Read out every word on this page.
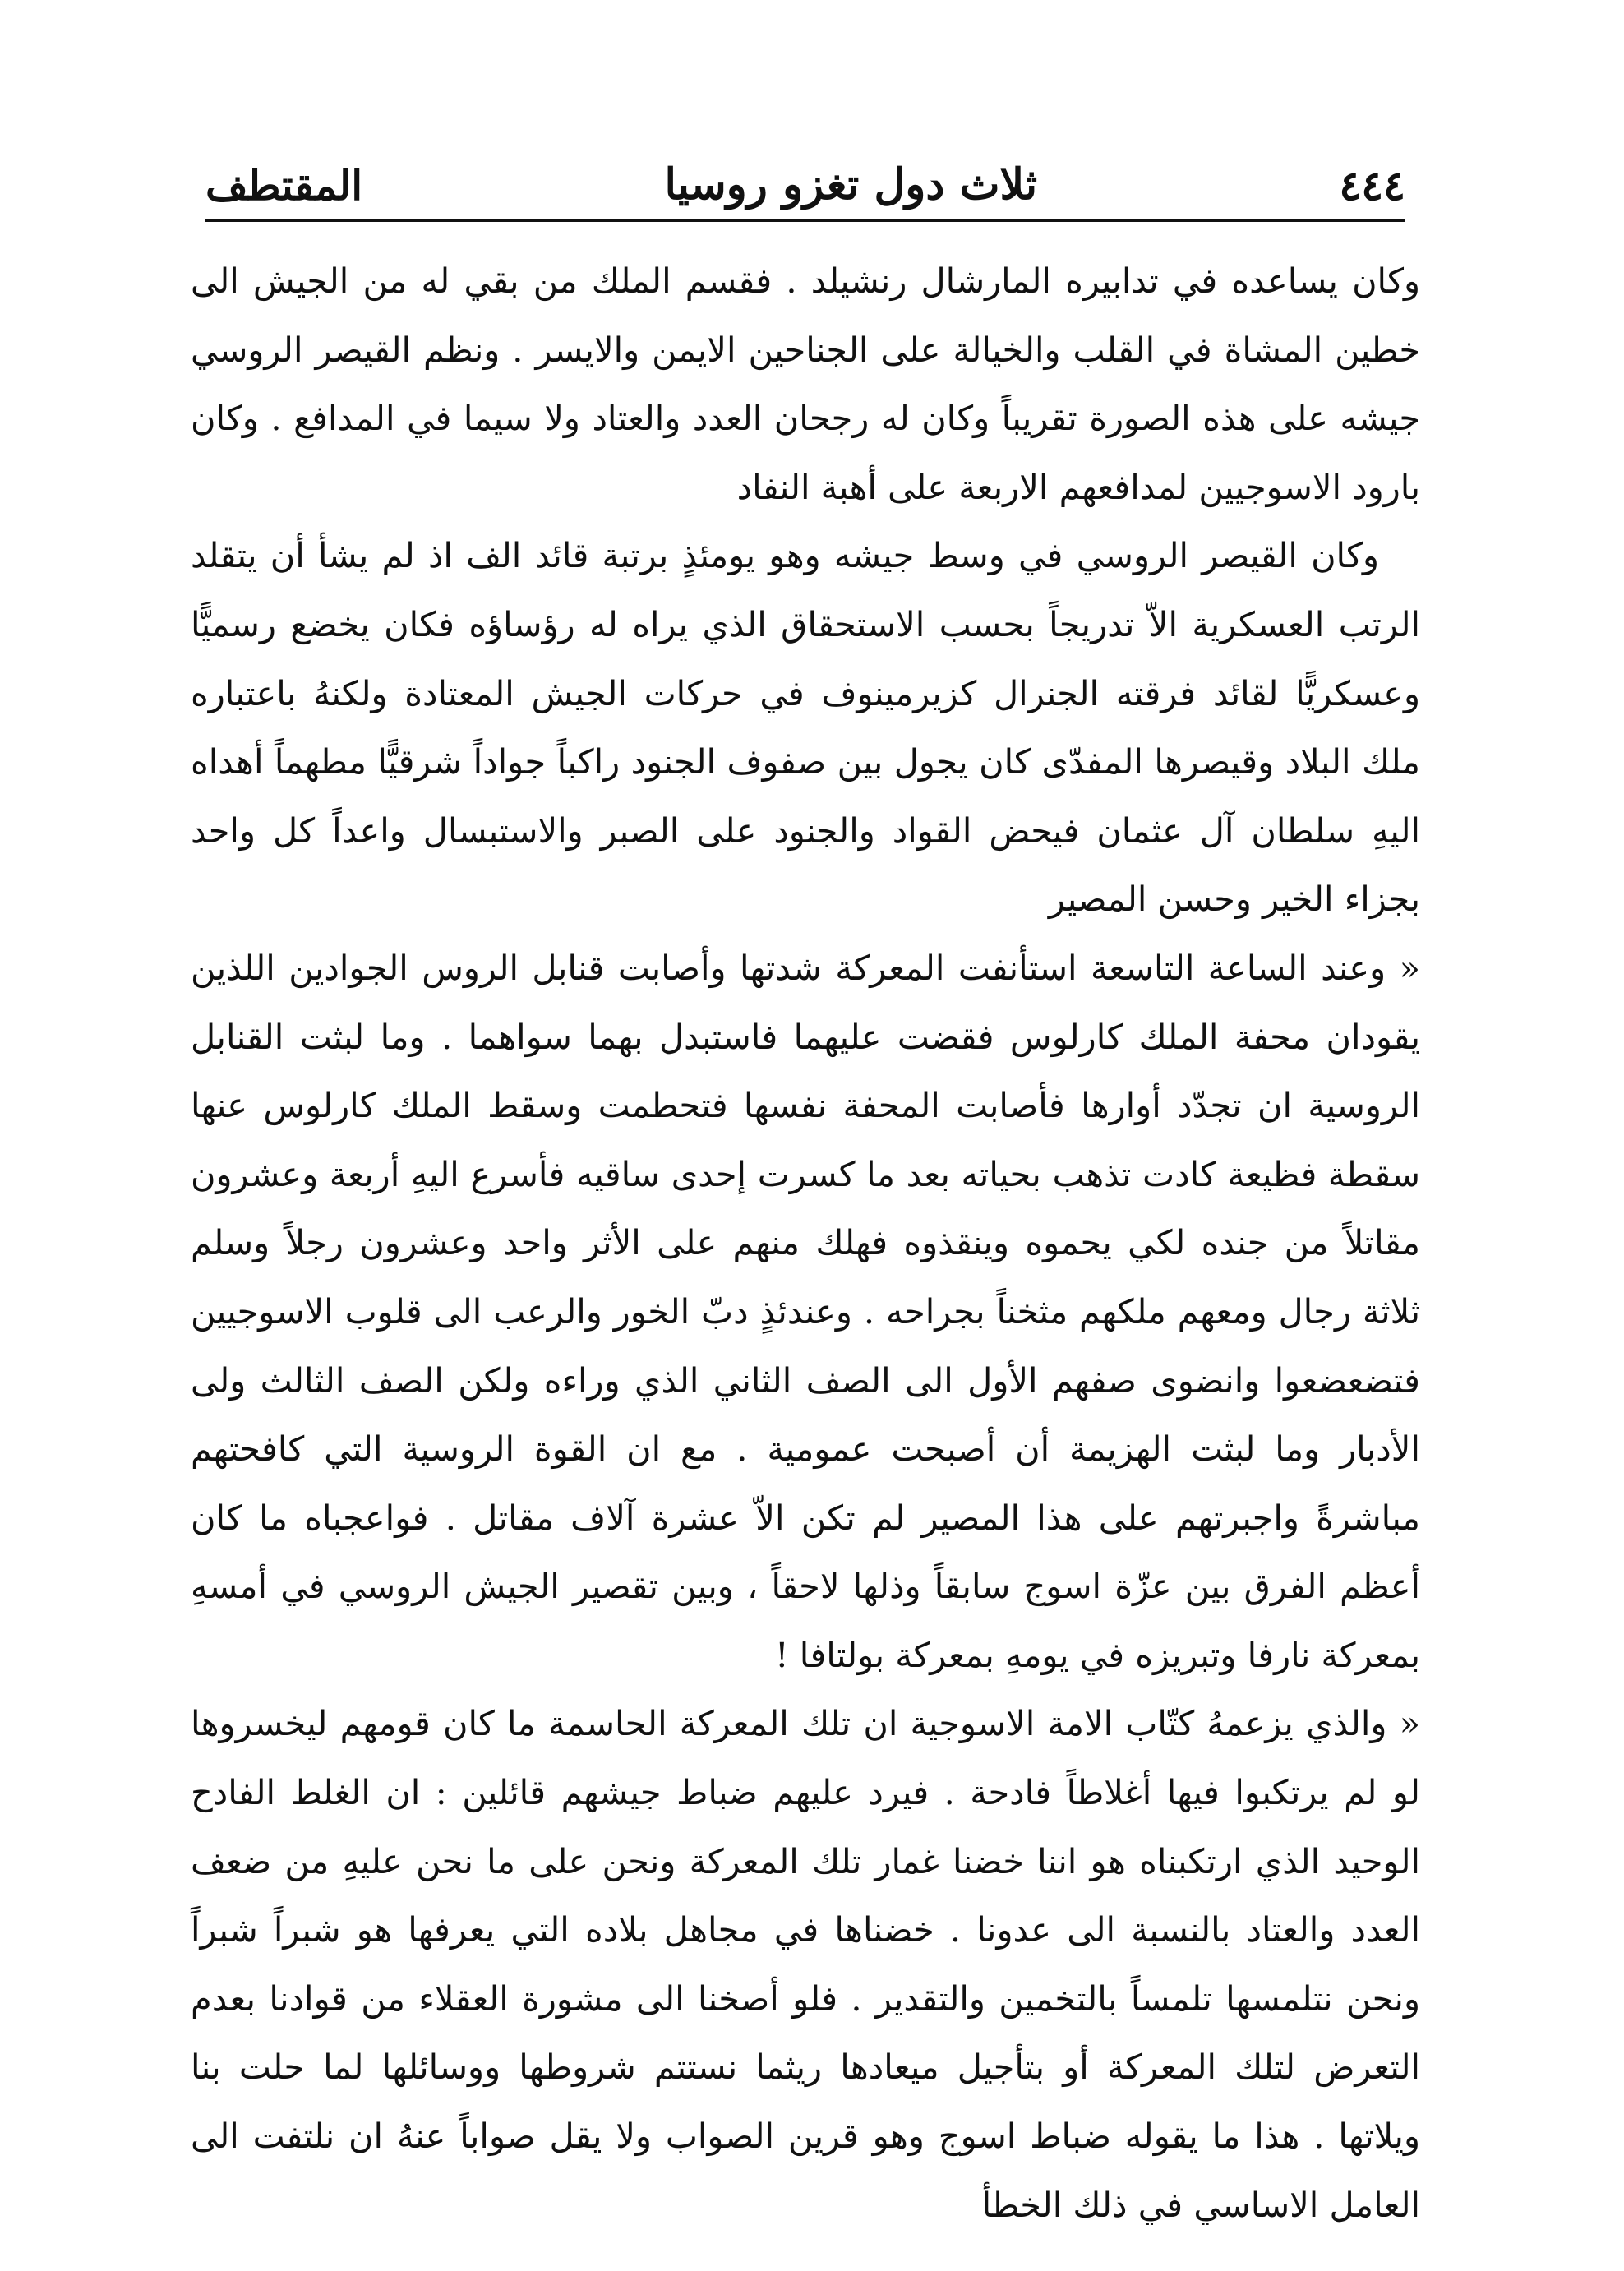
٤٤٤
ثلاث دول تغزو روسيا
المقتطف

وكان يساعده في تدابيره المارشال رنشيلد . فقسم الملك من بقي له من الجيش الى خطين المشاة في القلب والخيالة على الجناحين الايمن والايسر . ونظم القيصر الروسي جيشه على هذه الصورة تقريباً وكان له رجحان العدد والعتاد ولا سيما في المدافع . وكان بارود الاسوجيين لمدافعهم الاربعة على أهبة النفاد

وكان القيصر الروسي في وسط جيشه وهو يومئذٍ برتبة قائد الف اذ لم يشأ أن يتقلد الرتب العسكرية الاّ تدريجاً بحسب الاستحقاق الذي يراه له رؤساؤه فكان يخضع رسميًّا وعسكريًّا لقائد فرقته الجنرال كزيرمينوف في حركات الجيش المعتادة ولكنهُ باعتباره ملك البلاد وقيصرها المفدّى كان يجول بين صفوف الجنود راكباً جواداً شرقيًّا مطهماً أهداه اليهِ سلطان آل عثمان فيحض القواد والجنود على الصبر والاستبسال واعداً كل واحد بجزاء الخير وحسن المصير

« وعند الساعة التاسعة استأنفت المعركة شدتها وأصابت قنابل الروس الجوادين اللذين يقودان محفة الملك كارلوس فقضت عليهما فاستبدل بهما سواهما . وما لبثت القنابل الروسية ان تجدّد أوارها فأصابت المحفة نفسها فتحطمت وسقط الملك كارلوس عنها سقطة فظيعة كادت تذهب بحياته بعد ما كسرت إحدى ساقيه فأسرع اليهِ أربعة وعشرون مقاتلاً من جنده لكي يحموه وينقذوه فهلك منهم على الأثر واحد وعشرون رجلاً وسلم ثلاثة رجال ومعهم ملكهم مثخناً بجراحه . وعندئذٍ دبّ الخور والرعب الى قلوب الاسوجيين فتضعضعوا وانضوى صفهم الأول الى الصف الثاني الذي وراءه ولكن الصف الثالث ولى الأدبار وما لبثت الهزيمة أن أصبحت عمومية . مع ان القوة الروسية التي كافحتهم مباشرةً واجبرتهم على هذا المصير لم تكن الاّ عشرة آلاف مقاتل . فواعجباه ما كان أعظم الفرق بين عزّة اسوج سابقاً وذلها لاحقاً ، وبين تقصير الجيش الروسي في أمسهِ بمعركة نارفا وتبريزه في يومهِ بمعركة بولتافا !

« والذي يزعمهُ كتّاب الامة الاسوجية ان تلك المعركة الحاسمة ما كان قومهم ليخسروها لو لم يرتكبوا فيها أغلاطاً فادحة . فيرد عليهم ضباط جيشهم قائلين : ان الغلط الفادح الوحيد الذي ارتكبناه هو اننا خضنا غمار تلك المعركة ونحن على ما نحن عليهِ من ضعف العدد والعتاد بالنسبة الى عدونا . خضناها في مجاهل بلاده التي يعرفها هو شبراً شبراً ونحن نتلمسها تلمساً بالتخمين والتقدير . فلو أصخنا الى مشورة العقلاء من قوادنا بعدم التعرض لتلك المعركة أو بتأجيل ميعادها ريثما نستتم شروطها ووسائلها لما حلت بنا ويلاتها . هذا ما يقوله ضباط اسوج وهو قرين الصواب ولا يقل صواباً عنهُ ان نلتفت الى العامل الاساسي في ذلك الخطأ
